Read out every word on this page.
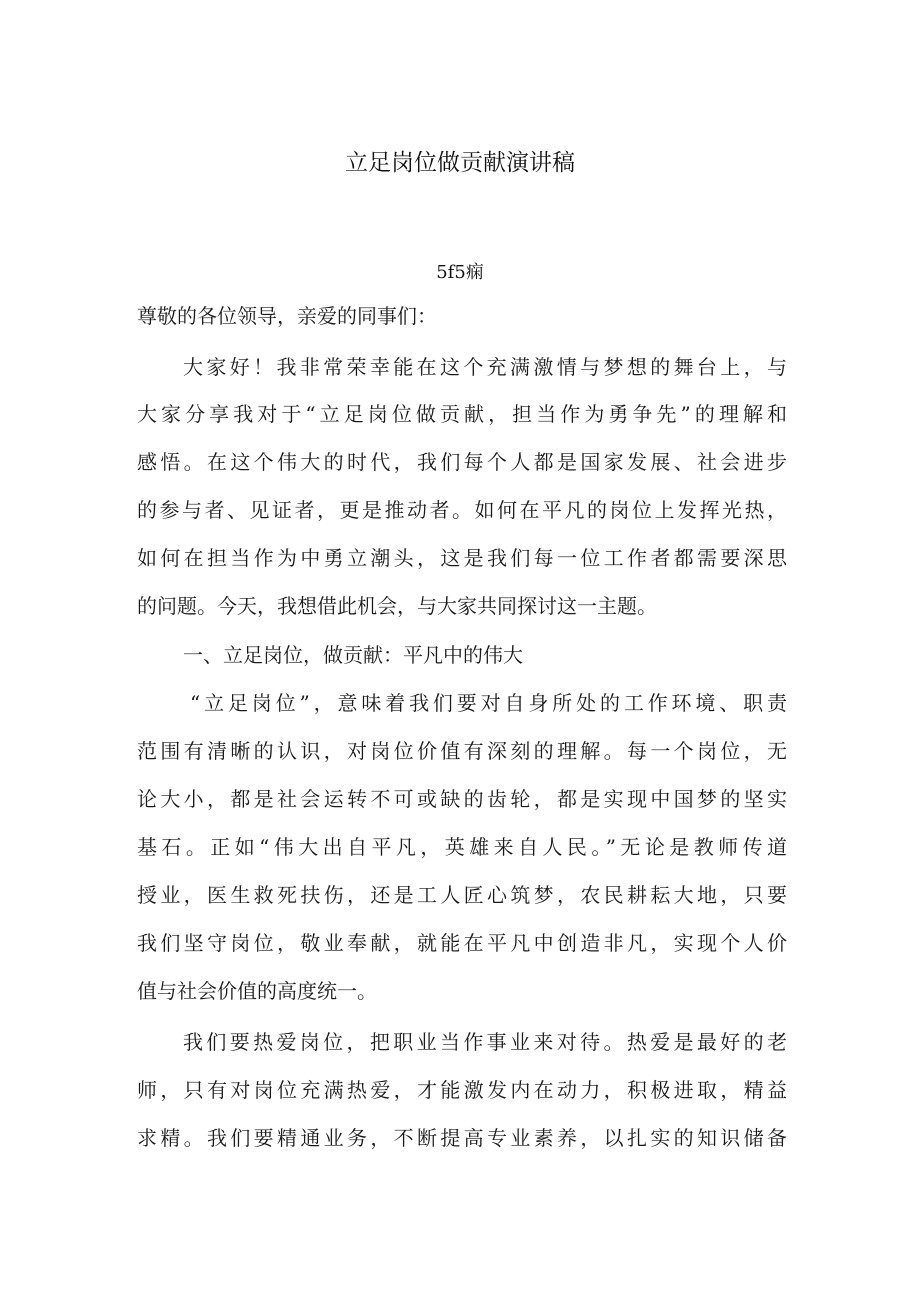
立足岗位做贡献演讲稿
5f5痫
尊敬的各位领导，亲爱的同事们：
大家好！我非常荣幸能在这个充满激情与梦想的舞台上，与
大家分享我对于“立足岗位做贡献，担当作为勇争先”的理解和
感悟。在这个伟大的时代，我们每个人都是国家发展、社会进步
的参与者、见证者，更是推动者。如何在平凡的岗位上发挥光热，
如何在担当作为中勇立潮头，这是我们每一位工作者都需要深思
的问题。今天，我想借此机会，与大家共同探讨这一主题。
一、立足岗位，做贡献：平凡中的伟大
“立足岗位”，意味着我们要对自身所处的工作环境、职责
范围有清晰的认识，对岗位价值有深刻的理解。每一个岗位，无
论大小，都是社会运转不可或缺的齿轮，都是实现中国梦的坚实
基石。正如“伟大出自平凡，英雄来自人民。”无论是教师传道
授业，医生救死扶伤，还是工人匠心筑梦，农民耕耘大地，只要
我们坚守岗位，敬业奉献，就能在平凡中创造非凡，实现个人价
值与社会价值的高度统一。
我们要热爱岗位，把职业当作事业来对待。热爱是最好的老
师，只有对岗位充满热爱，才能激发内在动力，积极进取，精益
求精。我们要精通业务，不断提高专业素养，以扎实的知识储备
